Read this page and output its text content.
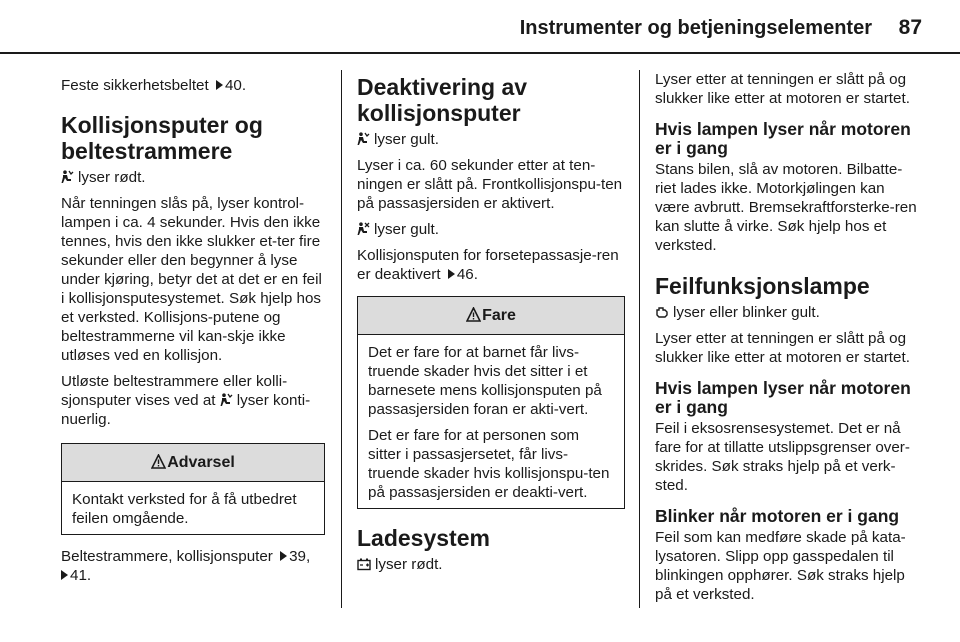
Instrumenter og betjeningselementer 87

Feste sikkerhetsbeltet 40.

Kollisjonsputer og
beltestrammere

lyser rødt.

Når tenningen slås på, lyser kontrol-lampen i ca. 4 sekunder. Hvis den ikke tennes, hvis den ikke slukker et-ter fire sekunder eller den begynner å lyse under kjøring, betyr det at det er en feil i kollisjonsputesystemet. Søk hjelp hos et verksted. Kollisjons-putene og beltestrammerne vil kan-skje ikke utløses ved en kollisjon.

Utløste beltestrammere eller kolli-sjonsputer vises ved at lyser konti-nuerlig.

Advarsel

Kontakt verksted for å få utbedret feilen omgående.

Beltestrammere, kollisjonsputer 39,
41.

Deaktivering av
kollisjonsputer

lyser gult.

Lyser i ca. 60 sekunder etter at ten-ningen er slått på. Frontkollisjonspu-ten på passasjersiden er aktivert.

lyser gult.

Kollisjonsputen for forsetepassasje-ren er deaktivert 46.

Fare

Det er fare for at barnet får livs-truende skader hvis det sitter i et barnesete mens kollisjonsputen på passasjersiden foran er akti-vert.

Det er fare for at personen som sitter i passasjersetet, får livs-truende skader hvis kollisjonspu-ten på passasjersiden er deakti-vert.

Ladesystem

lyser rødt.

Lyser etter at tenningen er slått på og slukker like etter at motoren er startet.

Hvis lampen lyser når motoren er i gang

Stans bilen, slå av motoren. Bilbatte-riet lades ikke. Motorkjølingen kan være avbrutt. Bremsekraftforsterke-ren kan slutte å virke. Søk hjelp hos et verksted.

Feilfunksjonslampe

lyser eller blinker gult.

Lyser etter at tenningen er slått på og slukker like etter at motoren er startet.

Hvis lampen lyser når motoren er i gang

Feil i eksosrensesystemet. Det er nå fare for at tillatte utslippsgrenser over-skrides. Søk straks hjelp på et verk-sted.

Blinker når motoren er i gang

Feil som kan medføre skade på kata-lysatoren. Slipp opp gasspedalen til blinkingen opphører. Søk straks hjelp på et verksted.
